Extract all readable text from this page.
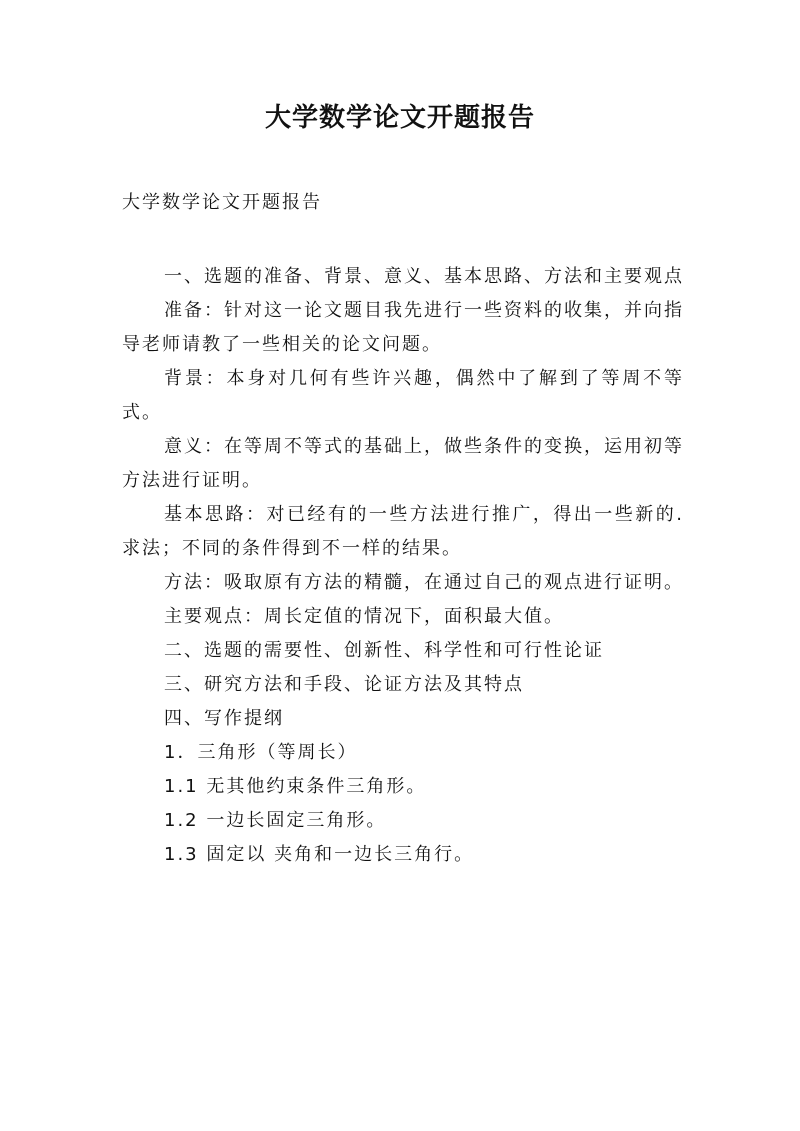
大学数学论文开题报告

大学数学论文开题报告

一、选题的准备、背景、意义、基本思路、方法和主要观点

准备：针对这一论文题目我先进行一些资料的收集，并向指导老师请教了一些相关的论文问题。

背景：本身对几何有些许兴趣，偶然中了解到了等周不等式。

意义：在等周不等式的基础上，做些条件的变换，运用初等方法进行证明。

基本思路：对已经有的一些方法进行推广，得出一些新的.求法；不同的条件得到不一样的结果。

方法：吸取原有方法的精髓，在通过自己的观点进行证明。

主要观点：周长定值的情况下，面积最大值。

二、选题的需要性、创新性、科学性和可行性论证

三、研究方法和手段、论证方法及其特点

四、写作提纲

1．三角形（等周长）

1.1 无其他约束条件三角形。

1.2 一边长固定三角形。

1.3 固定以 夹角和一边长三角行。
